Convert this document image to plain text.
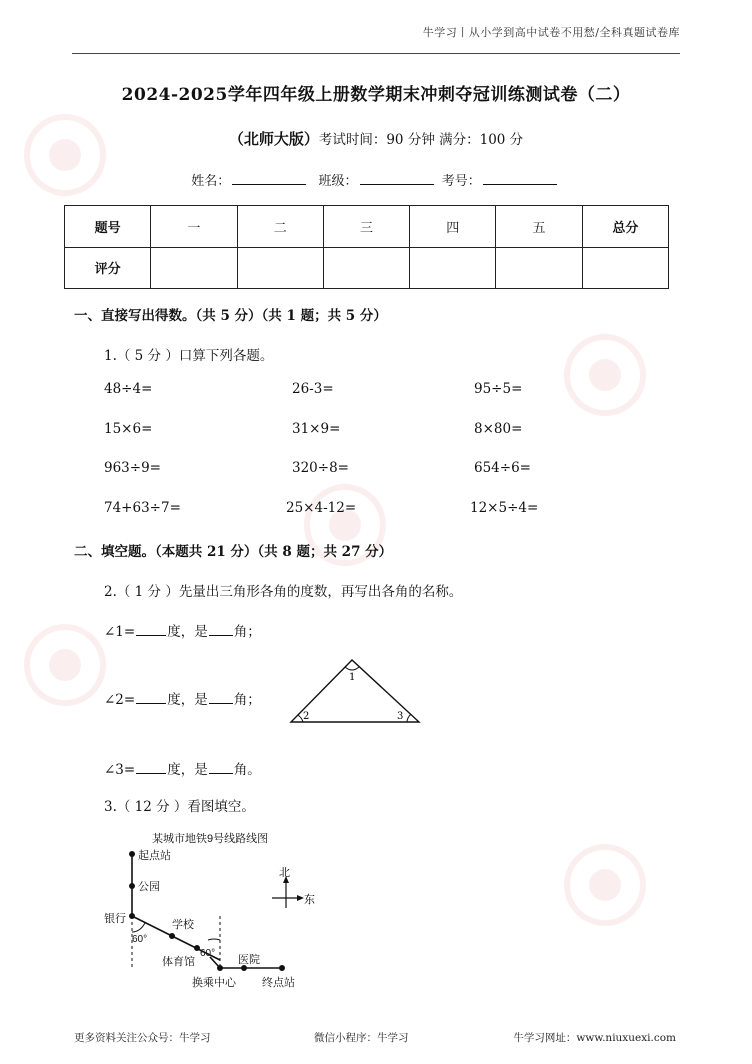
牛学习丨从小学到高中试卷不用愁/全科真题试卷库
2024-2025学年四年级上册数学期末冲刺夺冠训练测试卷（二）
（北师大版）考试时间：90 分钟 满分：100 分
姓名：	班级：	考号：
题号	一	二	三	四	五	总分
评分						
一、直接写出得数。（共 5 分）（共 1 题；共 5 分）
1.（ 5 分 ）口算下列各题。
48÷4=	26-3=	95÷5=
15×6=	31×9=	8×80=
963÷9=	320÷8=	654÷6=
74+63÷7=	25×4-12=	12×5÷4=
二、填空题。（本题共 21 分）（共 8 题；共 27 分）
2.（ 1 分 ）先量出三角形各角的度数，再写出各角的名称。
∠1= 度，是 角；
∠2= 度，是 角；
∠3= 度，是 角。
1
2	3
3.（ 12 分 ）看图填空。
某城市地铁9号线路线图
起点站
公园
银行	学校
体育馆
换乘中心
医院
终点站
60°
60°
北
东
更多资料关注公众号：牛学习	微信小程序：牛学习	牛学习网址：www.niuxuexi.com
